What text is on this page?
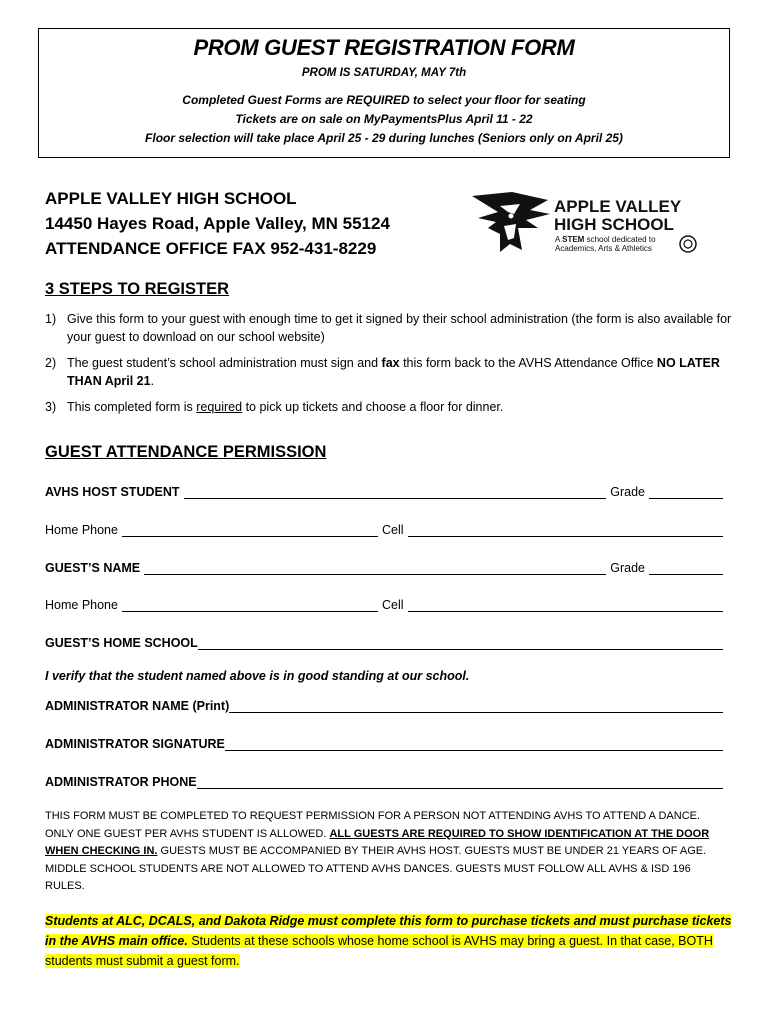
PROM GUEST REGISTRATION FORM
PROM IS SATURDAY, MAY 7th
Completed Guest Forms are REQUIRED to select your floor for seating
Tickets are on sale on MyPaymentsPlus April 11 - 22
Floor selection will take place April 25 - 29 during lunches (Seniors only on April 25)
APPLE VALLEY HIGH SCHOOL
14450 Hayes Road, Apple Valley, MN 55124
ATTENDANCE OFFICE FAX 952-431-8229
APPLE VALLEY
HIGH SCHOOL
A STEM school dedicated to
Academics, Arts & Athletics
3 STEPS TO REGISTER
1) Give this form to your guest with enough time to get it signed by their school administration (the form is also available for your guest to download on our school website)
2) The guest student’s school administration must sign and fax this form back to the AVHS Attendance Office NO LATER THAN April 21.
3) This completed form is required to pick up tickets and choose a floor for dinner.
GUEST ATTENDANCE PERMISSION
AVHS HOST STUDENT	Grade
Home Phone	Cell
GUEST’S NAME	Grade
Home Phone	Cell
GUEST’S HOME SCHOOL
I verify that the student named above is in good standing at our school.
ADMINISTRATOR NAME (Print)
ADMINISTRATOR SIGNATURE
ADMINISTRATOR PHONE
THIS FORM MUST BE COMPLETED TO REQUEST PERMISSION FOR A PERSON NOT ATTENDING AVHS TO ATTEND A DANCE. ONLY ONE GUEST PER AVHS STUDENT IS ALLOWED. ALL GUESTS ARE REQUIRED TO SHOW IDENTIFICATION AT THE DOOR WHEN CHECKING IN. GUESTS MUST BE ACCOMPANIED BY THEIR AVHS HOST. GUESTS MUST BE UNDER 21 YEARS OF AGE. MIDDLE SCHOOL STUDENTS ARE NOT ALLOWED TO ATTEND AVHS DANCES. GUESTS MUST FOLLOW ALL AVHS & ISD 196 RULES.
Students at ALC, DCALS, and Dakota Ridge must complete this form to purchase tickets and must purchase tickets in the AVHS main office. Students at these schools whose home school is AVHS may bring a guest. In that case, BOTH students must submit a guest form.
